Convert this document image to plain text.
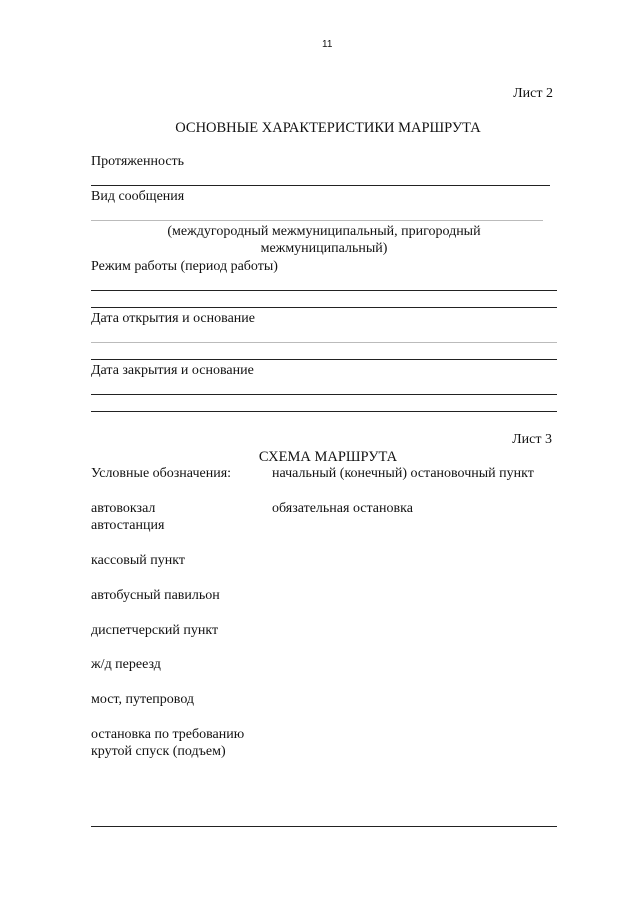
11
Лист 2
ОСНОВНЫЕ ХАРАКТЕРИСТИКИ МАРШРУТА
Протяженность
Вид сообщения
(междугородный межмуниципальный, пригородный
межмуниципальный)
Режим работы (период работы)
Дата открытия и основание
Дата закрытия и основание
Лист 3
СХЕМА МАРШРУТА
Условные обозначения:	начальный (конечный) остановочный пункт
автовокзал	обязательная остановка
автостанция
кассовый пункт
автобусный павильон
диспетчерский пункт
ж/д переезд
мост, путепровод
остановка по требованию
крутой спуск (подъем)
